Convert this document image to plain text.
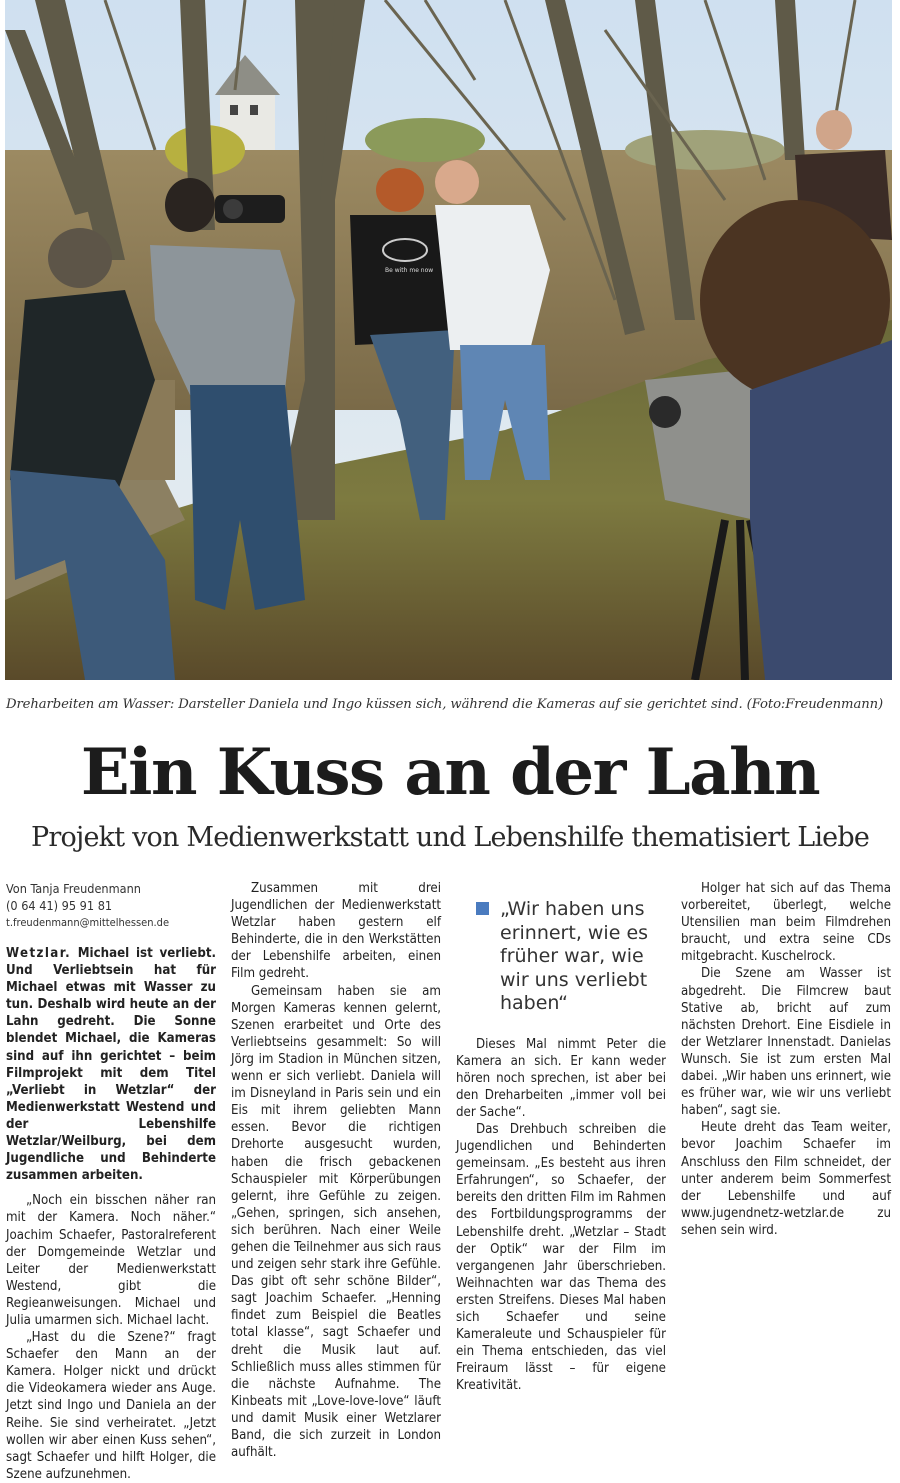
Be with me now
Dreharbeiten am Wasser: Darsteller Daniela und Ingo küssen sich, während die Kameras auf sie gerichtet sind. (Foto:Freudenmann)
Ein Kuss an der Lahn
Projekt von Medienwerkstatt und Lebenshilfe thematisiert Liebe
Von Tanja Freudenmann
(0 64 41) 95 91 81
t.freudenmann@mittelhessen.de

Wetzlar. Michael ist verliebt. Und Verliebtsein hat für Michael etwas mit Wasser zu tun. Deshalb wird heute an der Lahn gedreht. Die Sonne blendet Michael, die Kameras sind auf ihn gerichtet – beim Filmprojekt mit dem Titel „Verliebt in Wetzlar“ der Medienwerkstatt Westend und der Lebenshilfe Wetzlar/Weilburg, bei dem Jugendliche und Behinderte zusammen arbeiten.

„Noch ein bisschen näher ran mit der Kamera. Noch näher.“ Joachim Schaefer, Pastoralreferent der Domgemeinde Wetzlar und Leiter der Medienwerkstatt Westend, gibt die Regieanweisungen. Michael und Julia umarmen sich. Michael lacht.

„Hast du die Szene?“ fragt Schaefer den Mann an der Kamera. Holger nickt und drückt die Videokamera wieder ans Auge. Jetzt sind Ingo und Daniela an der Reihe. Sie sind verheiratet. „Jetzt wollen wir aber einen Kuss sehen“, sagt Schaefer und hilft Holger, die Szene aufzunehmen.

Zusammen mit drei Jugendlichen der Medienwerkstatt Wetzlar haben gestern elf Behinderte, die in den Werkstätten der Lebenshilfe arbeiten, einen Film gedreht.

Gemeinsam haben sie am Morgen Kameras kennen gelernt, Szenen erarbeitet und Orte des Verliebtseins gesammelt: So will Jörg im Stadion in München sitzen, wenn er sich verliebt. Daniela will im Disneyland in Paris sein und ein Eis mit ihrem geliebten Mann essen. Bevor die richtigen Drehorte ausgesucht wurden, haben die frisch gebackenen Schauspieler mit Körperübungen gelernt, ihre Gefühle zu zeigen. „Gehen, springen, sich ansehen, sich berühren. Nach einer Weile gehen die Teilnehmer aus sich raus und zeigen sehr stark ihre Gefühle. Das gibt oft sehr schöne Bilder“, sagt Joachim Schaefer. „Henning findet zum Beispiel die Beatles total klasse“, sagt Schaefer und dreht die Musik laut auf. Schließlich muss alles stimmen für die nächste Aufnahme. The Kinbeats mit „Love-love-love“ läuft und damit Musik einer Wetzlarer Band, die sich zurzeit in London aufhält.

„Wir haben uns erinnert, wie es früher war, wie wir uns verliebt haben“

Dieses Mal nimmt Peter die Kamera an sich. Er kann weder hören noch sprechen, ist aber bei den Dreharbeiten „immer voll bei der Sache“.

Das Drehbuch schreiben die Jugendlichen und Behinderten gemeinsam. „Es besteht aus ihren Erfahrungen“, so Schaefer, der bereits den dritten Film im Rahmen des Fortbildungsprogramms der Lebenshilfe dreht. „Wetzlar – Stadt der Optik“ war der Film im vergangenen Jahr überschrieben. Weihnachten war das Thema des ersten Streifens. Dieses Mal haben sich Schaefer und seine Kameraleute und Schauspieler für ein Thema entschieden, das viel Freiraum lässt – für eigene Kreativität.

Holger hat sich auf das Thema vorbereitet, überlegt, welche Utensilien man beim Filmdrehen braucht, und extra seine CDs mitgebracht. Kuschelrock.

Die Szene am Wasser ist abgedreht. Die Filmcrew baut Stative ab, bricht auf zum nächsten Drehort. Eine Eisdiele in der Wetzlarer Innenstadt. Danielas Wunsch. Sie ist zum ersten Mal dabei. „Wir haben uns erinnert, wie es früher war, wie wir uns verliebt haben“, sagt sie.

Heute dreht das Team weiter, bevor Joachim Schaefer im Anschluss den Film schneidet, der unter anderem beim Sommerfest der Lebenshilfe und auf www.jugendnetz-wetzlar.de zu sehen sein wird.
